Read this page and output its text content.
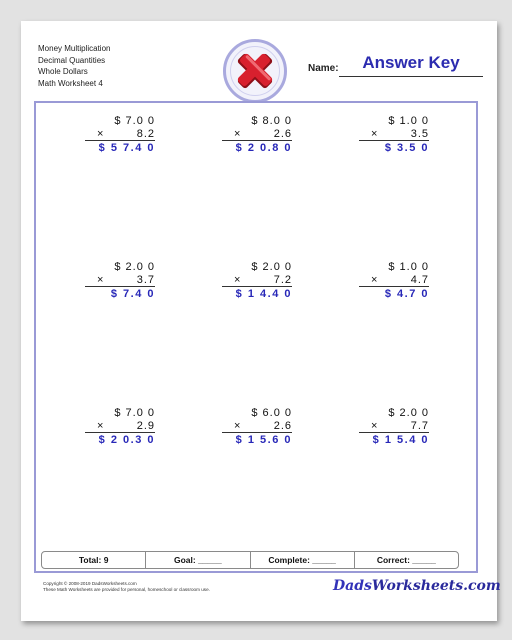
Money Multiplication
Decimal Quantities
Whole Dollars
Math Worksheet 4
Name:	Answer Key
$ 7.0 0
×	8.2
$ 5 7.4 0
$ 8.0 0
×	2.6
$ 2 0.8 0
$ 1.0 0
×	3.5
$ 3.5 0
$ 2.0 0
×	3.7
$ 7.4 0
$ 2.0 0
×	7.2
$ 1 4.4 0
$ 1.0 0
×	4.7
$ 4.7 0
$ 7.0 0
×	2.9
$ 2 0.3 0
$ 6.0 0
×	2.6
$ 1 5.6 0
$ 2.0 0
×	7.7
$ 1 5.4 0
Total: 9	Goal: _____	Complete: _____	Correct: _____
Copyright © 2008-2019 DadsWorksheets.com
These Math Worksheets are provided for personal, homeschool or classroom use.	DadsWorksheets.com
